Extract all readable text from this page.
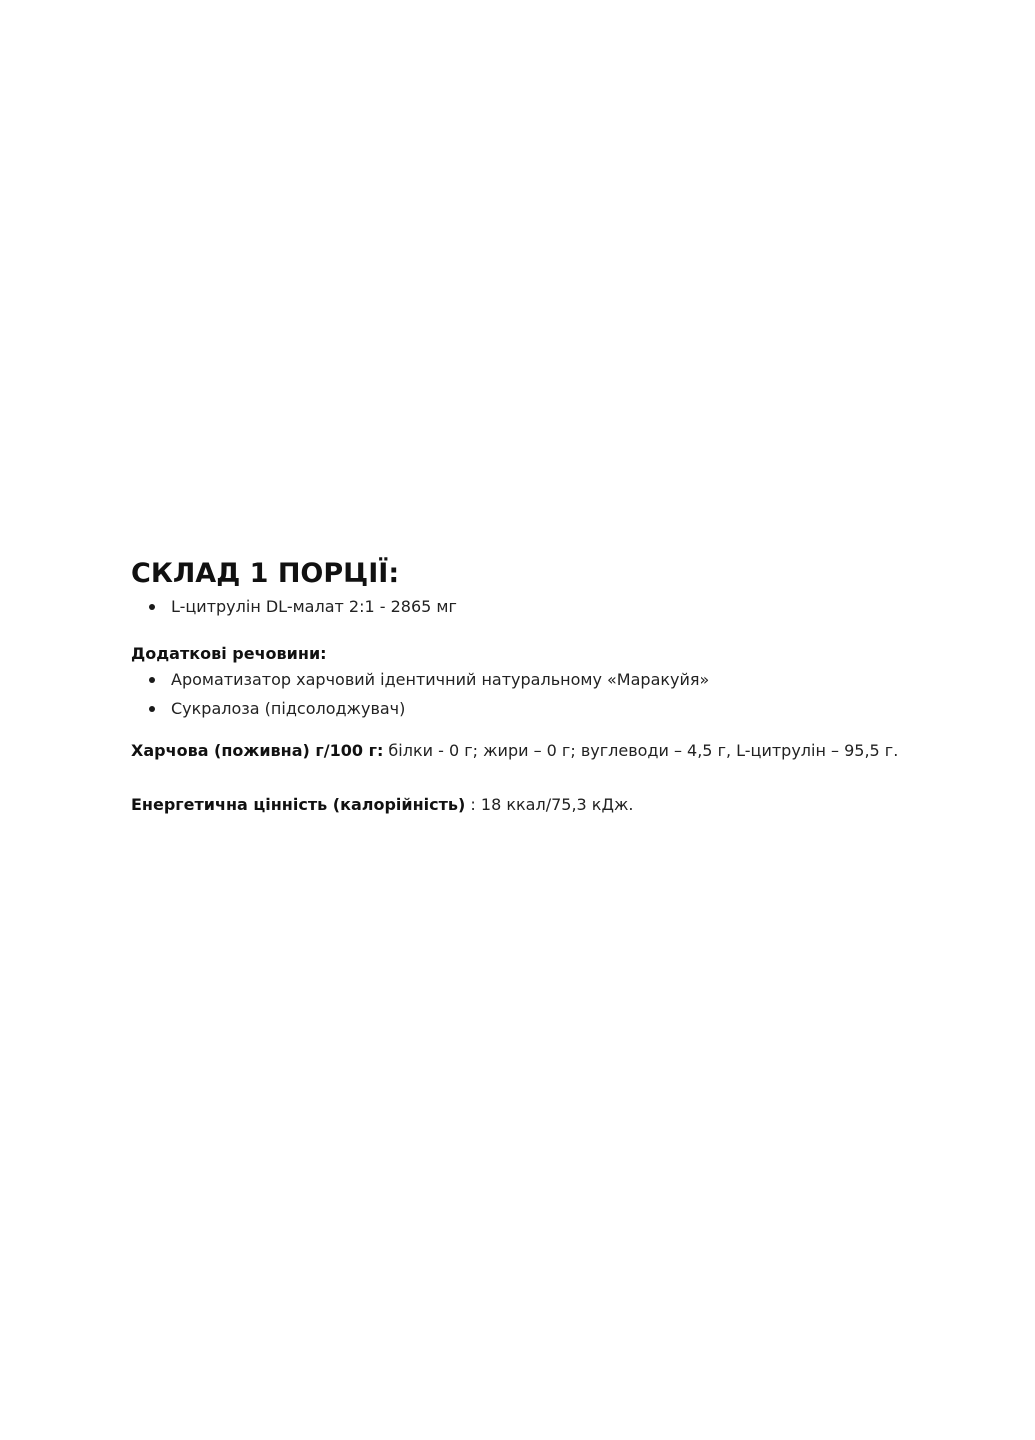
СКЛАД 1 ПОРЦІЇ:
L-цитрулін DL-малат 2:1 - 2865 мг

Додаткові речовини:

Ароматизатор харчовий ідентичний натуральному «Маракуйя»
Сукралоза (підсолоджувач)

Харчова (поживна) г/100 г: білки - 0 г; жири – 0 г; вуглеводи – 4,5 г, L-цитрулін – 95,5 г.

Енергетична цінність (калорійність) : 18 ккал/75,3 кДж.
